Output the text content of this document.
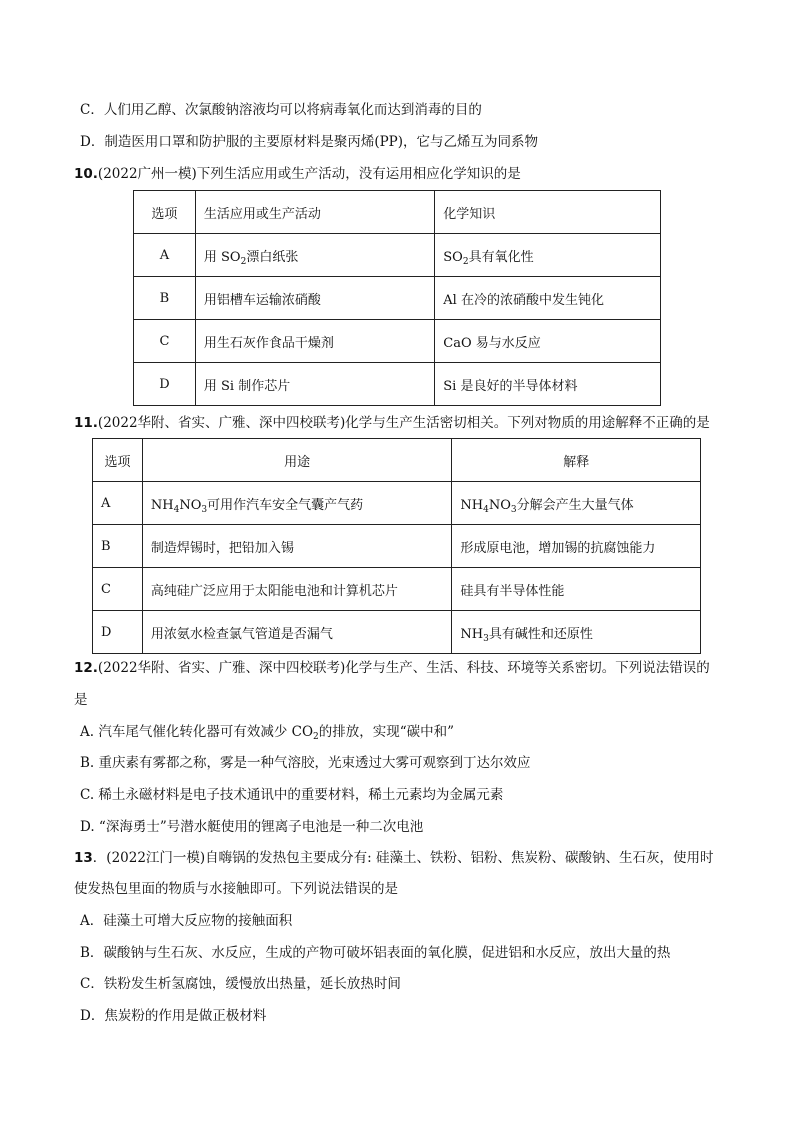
C．人们用乙醇、次氯酸钠溶液均可以将病毒氧化而达到消毒的目的
D．制造医用口罩和防护服的主要原材料是聚丙烯(PP)，它与乙烯互为同系物
10.(2022广州一模)下列生活应用或生产活动，没有运用相应化学知识的是
选项	生活应用或生产活动	化学知识
A	用 $SO_2$漂白纸张	$SO_2$具有氧化性
B	用铝槽车运输浓硝酸	Al 在冷的浓硝酸中发生钝化
C	用生石灰作食品干燥剂	CaO 易与水反应
D	用 Si 制作芯片	Si 是良好的半导体材料
11.(2022华附、省实、广雅、深中四校联考)化学与生产生活密切相关。下列对物质的用途解释不正确的是
选项	用途	解释
A	$NH_4NO_3$可用作汽车安全气囊产气药	$NH_4NO_3$分解会产生大量气体
B	制造焊锡时，把铅加入锡	形成原电池，增加锡的抗腐蚀能力
C	高纯硅广泛应用于太阳能电池和计算机芯片	硅具有半导体性能
D	用浓氨水检查氯气管道是否漏气	$NH_3$具有碱性和还原性
12.(2022华附、省实、广雅、深中四校联考)化学与生产、生活、科技、环境等关系密切。下列说法错误的
是
A. 汽车尾气催化转化器可有效减少 $CO_2$的排放，实现“碳中和”
B. 重庆素有雾都之称，雾是一种气溶胶，光束透过大雾可观察到丁达尔效应
C. 稀土永磁材料是电子技术通讯中的重要材料，稀土元素均为金属元素
D. “深海勇士”号潜水艇使用的锂离子电池是一种二次电池
13．(2022江门一模)自嗨锅的发热包主要成分有: 硅藻土、铁粉、铝粉、焦炭粉、碳酸钠、生石灰，使用时
使发热包里面的物质与水接触即可。下列说法错误的是
A．硅藻土可增大反应物的接触面积
B．碳酸钠与生石灰、水反应，生成的产物可破坏铝表面的氧化膜，促进铝和水反应，放出大量的热
C．铁粉发生析氢腐蚀，缓慢放出热量，延长放热时间
D．焦炭粉的作用是做正极材料
